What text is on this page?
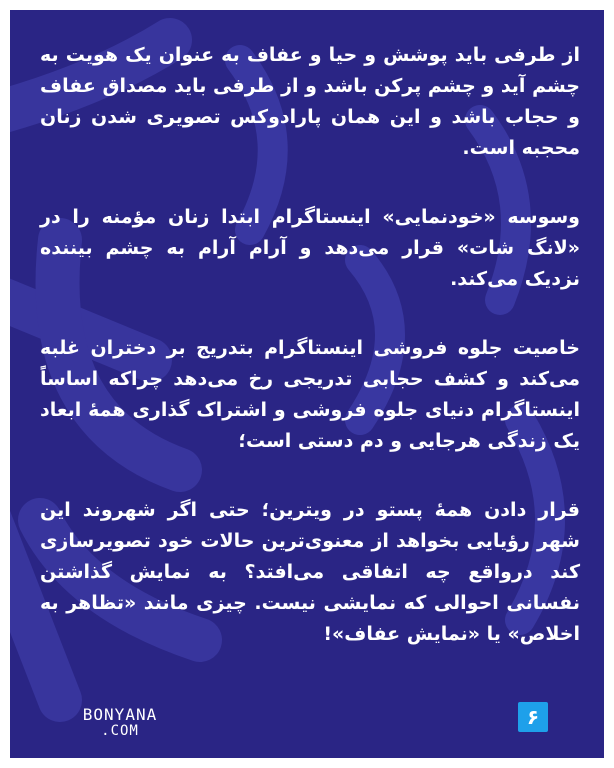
از طرفی باید پوشش و حیا و عفاف به عنوان یک هویت به چشم آید و چشم پرکن باشد و از طرفی باید مصداق عفاف و حجاب باشد و این همان پارادوکس تصویری شدن زنان محجبه است.

وسوسه «خودنمایی» اینستاگرام ابتدا زنان مؤمنه را در «لانگ شات» قرار می‌دهد و آرام آرام به چشم بیننده نزدیک می‌کند.

خاصیت جلوه فروشی اینستاگرام بتدریج بر دختران غلبه می‌کند و کشف حجابی تدریجی رخ می‌دهد چراکه اساساً اینستاگرام دنیای جلوه فروشی و اشتراک گذاری همهٔ ابعاد یک زندگی هرجایی و دم دستی است؛

قرار دادن همهٔ پستو در ویترین؛ حتی اگر شهروند این شهر رؤیایی بخواهد از معنوی‌ترین حالات خود تصویرسازی کند درواقع چه اتفاقی می‌افتد؟ به نمایش گذاشتن نفسانی احوالی که نمایشی نیست. چیزی مانند «تظاهر به اخلاص» یا «نمایش عفاف»!

BONYANA
.COM
۶
